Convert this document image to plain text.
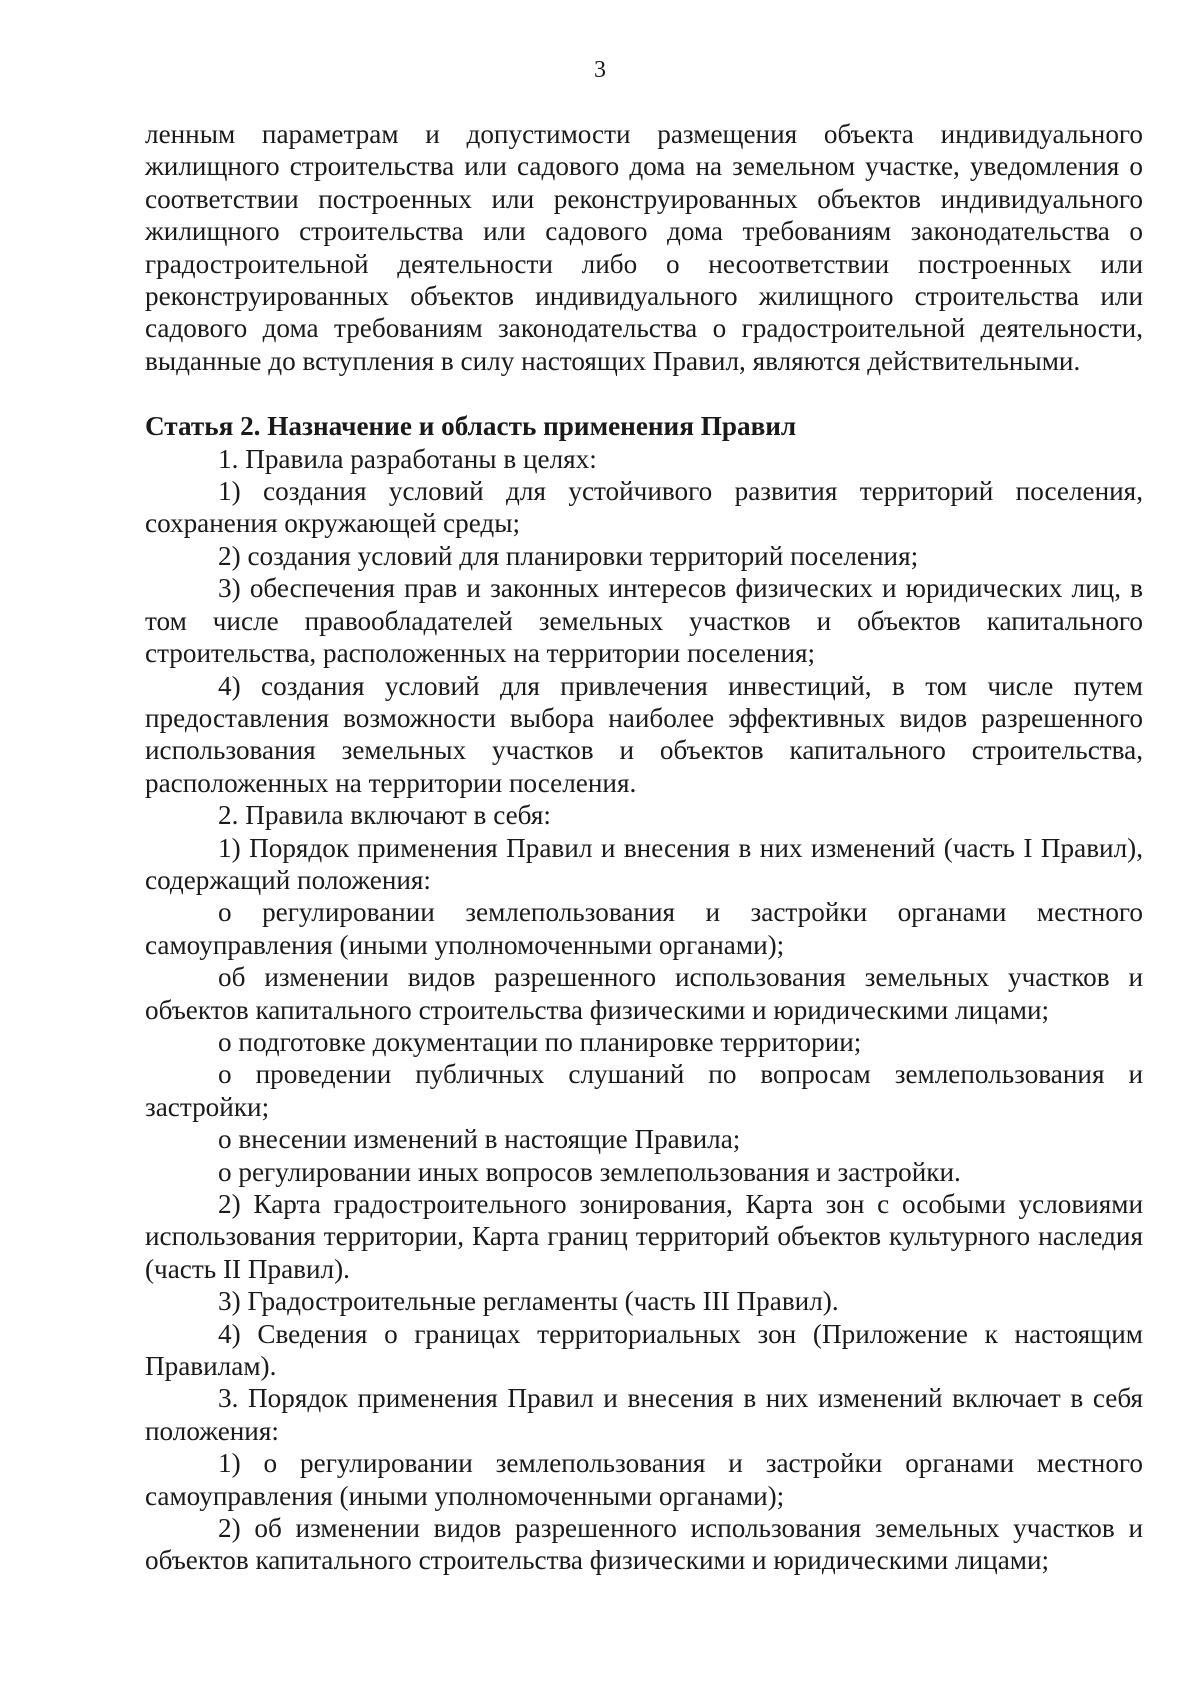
3

ленным параметрам и допустимости размещения объекта индивидуального жилищного строительства или садового дома на земельном участке, уведомления о соответствии построенных или реконструированных объектов индивидуального жилищного строительства или садового дома требованиям законодательства о градостроительной деятельности либо о несоответствии построенных или реконструированных объектов индивидуального жилищного строительства или садового дома требованиям законодательства о градостроительной деятельности, выданные до вступления в силу настоящих Правил, являются действительными.

Статья 2. Назначение и область применения Правил

1. Правила разработаны в целях:

1) создания условий для устойчивого развития территорий поселения, сохранения окружающей среды;

2) создания условий для планировки территорий поселения;

3) обеспечения прав и законных интересов физических и юридических лиц, в том числе правообладателей земельных участков и объектов капитального строительства, расположенных на территории поселения;

4) создания условий для привлечения инвестиций, в том числе путем предоставления возможности выбора наиболее эффективных видов разрешенного использования земельных участков и объектов капитального строительства, расположенных на территории поселения.

2. Правила включают в себя:

1) Порядок применения Правил и внесения в них изменений (часть I Правил), содержащий положения:

о регулировании землепользования и застройки органами местного самоуправления (иными уполномоченными органами);

об изменении видов разрешенного использования земельных участков и объектов капитального строительства физическими и юридическими лицами;

о подготовке документации по планировке территории;

о проведении публичных слушаний по вопросам землепользования и застройки;

о внесении изменений в настоящие Правила;

о регулировании иных вопросов землепользования и застройки.

2) Карта градостроительного зонирования, Карта зон с особыми условиями использования территории, Карта границ территорий объектов культурного наследия (часть II Правил).

3) Градостроительные регламенты (часть III Правил).

4) Сведения о границах территориальных зон (Приложение к настоящим Правилам).

3. Порядок применения Правил и внесения в них изменений включает в себя положения:

1) о регулировании землепользования и застройки органами местного самоуправления (иными уполномоченными органами);

2) об изменении видов разрешенного использования земельных участков и объектов капитального строительства физическими и юридическими лицами;
